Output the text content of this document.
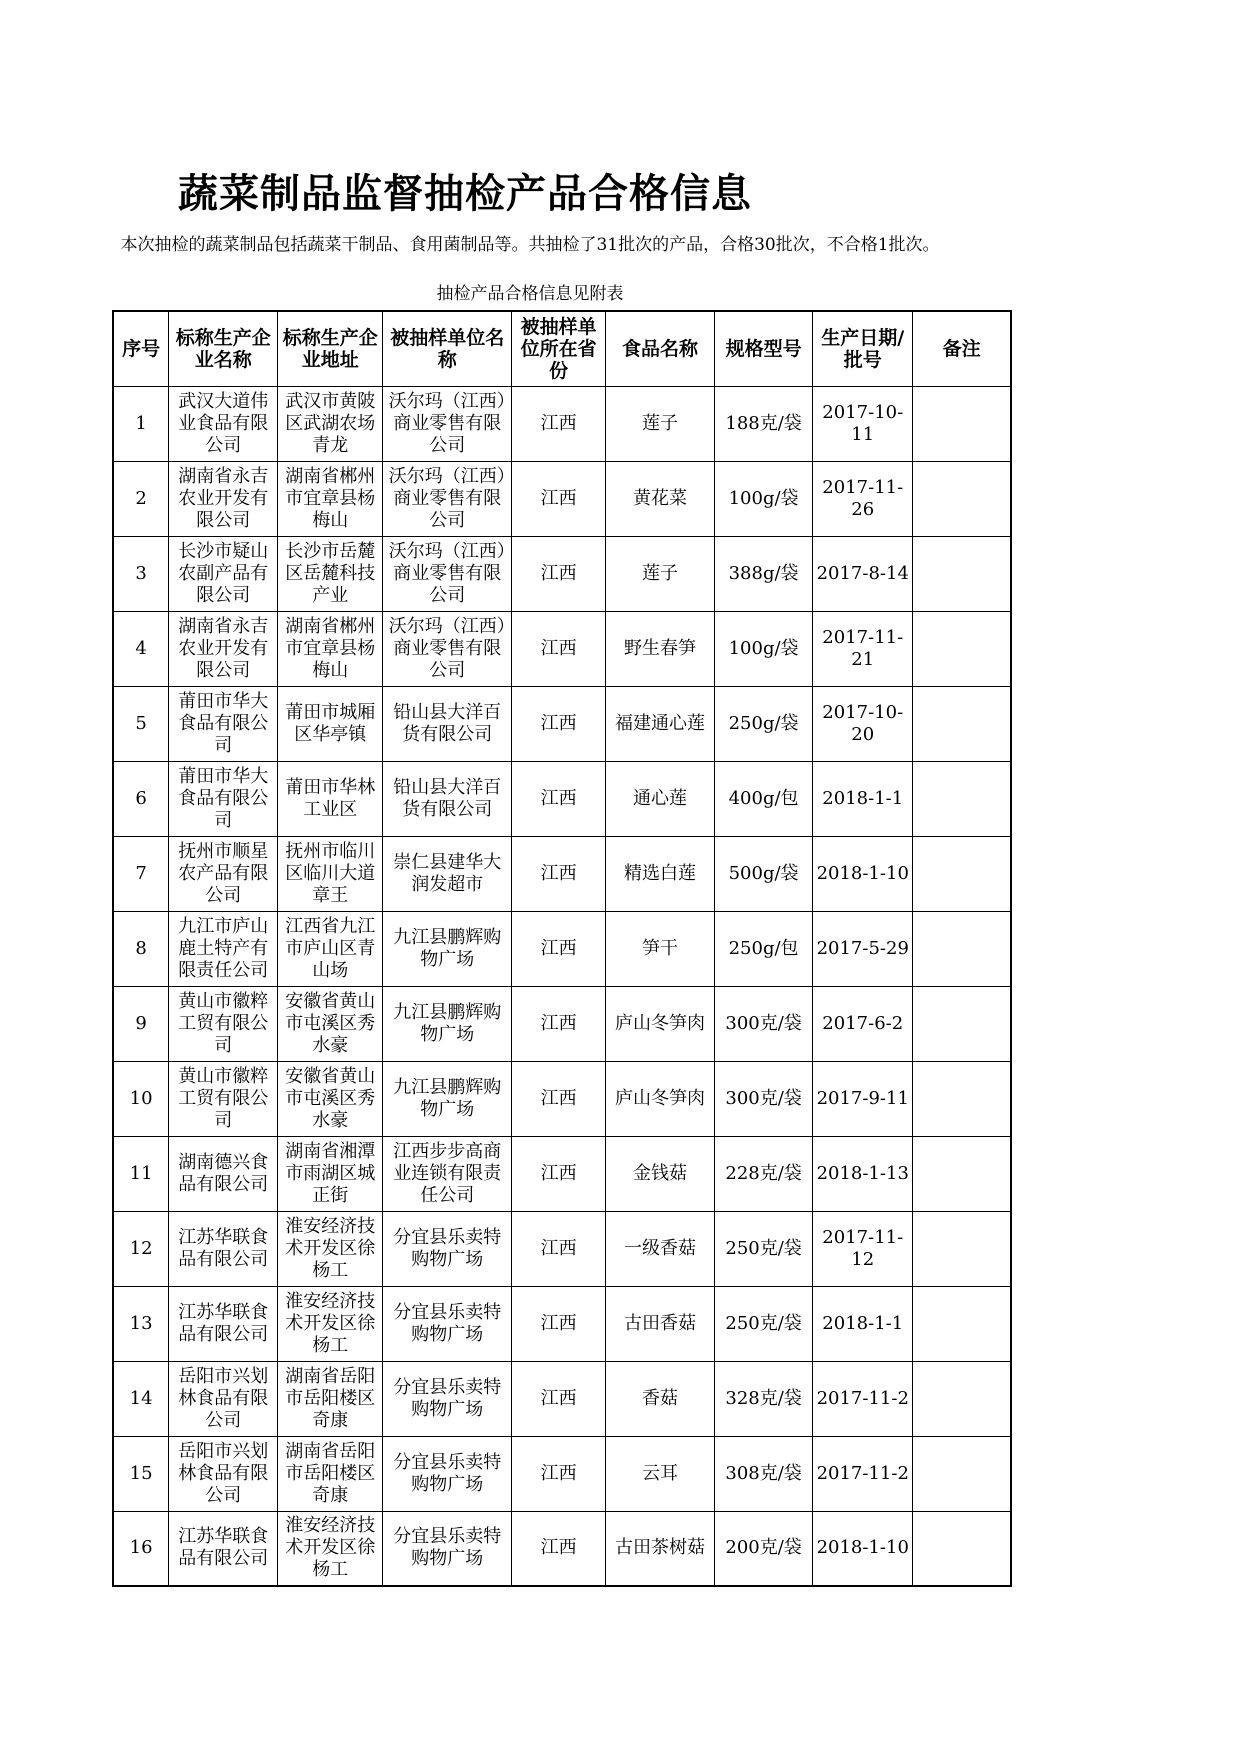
蔬菜制品监督抽检产品合格信息
本次抽检的蔬菜制品包括蔬菜干制品、食用菌制品等。共抽检了31批次的产品，合格30批次，不合格1批次。
抽检产品合格信息见附表
序号	标称生产企业名称	标称生产企业地址	被抽样单位名称	被抽样单位所在省份	食品名称	规格型号	生产日期/批号	备注

1	武汉大道伟业食品有限公司	武汉市黄陂区武湖农场青龙	沃尔玛（江西）商业零售有限公司	江西	莲子	188克/袋	2017-10-11	

2	湖南省永吉农业开发有限公司	湖南省郴州市宜章县杨梅山	沃尔玛（江西）商业零售有限公司	江西	黄花菜	100g/袋	2017-11-26	

3	长沙市疑山农副产品有限公司	长沙市岳麓区岳麓科技产业	沃尔玛（江西）商业零售有限公司	江西	莲子	388g/袋	2017-8-14	

4	湖南省永吉农业开发有限公司	湖南省郴州市宜章县杨梅山	沃尔玛（江西）商业零售有限公司	江西	野生春笋	100g/袋	2017-11-21	

5	莆田市华大食品有限公司	莆田市城厢区华亭镇	铅山县大洋百货有限公司	江西	福建通心莲	250g/袋	2017-10-20	

6	莆田市华大食品有限公司	莆田市华林工业区	铅山县大洋百货有限公司	江西	通心莲	400g/包	2018-1-1	

7	抚州市顺星农产品有限公司	抚州市临川区临川大道章王	崇仁县建华大润发超市	江西	精选白莲	500g/袋	2018-1-10	

8	九江市庐山鹿土特产有限责任公司	江西省九江市庐山区青山场	九江县鹏辉购物广场	江西	笋干	250g/包	2017-5-29	

9	黄山市徽粹工贸有限公司	安徽省黄山市屯溪区秀水豪	九江县鹏辉购物广场	江西	庐山冬笋肉	300克/袋	2017-6-2	

10	黄山市徽粹工贸有限公司	安徽省黄山市屯溪区秀水豪	九江县鹏辉购物广场	江西	庐山冬笋肉	300克/袋	2017-9-11	

11	湖南德兴食品有限公司	湖南省湘潭市雨湖区城正街	江西步步高商业连锁有限责任公司	江西	金钱菇	228克/袋	2018-1-13	

12	江苏华联食品有限公司	淮安经济技术开发区徐杨工	分宜县乐卖特购物广场	江西	一级香菇	250克/袋	2017-11-12	

13	江苏华联食品有限公司	淮安经济技术开发区徐杨工	分宜县乐卖特购物广场	江西	古田香菇	250克/袋	2018-1-1	

14	岳阳市兴划林食品有限公司	湖南省岳阳市岳阳楼区奇康	分宜县乐卖特购物广场	江西	香菇	328克/袋	2017-11-2	

15	岳阳市兴划林食品有限公司	湖南省岳阳市岳阳楼区奇康	分宜县乐卖特购物广场	江西	云耳	308克/袋	2017-11-2	

16	江苏华联食品有限公司	淮安经济技术开发区徐杨工	分宜县乐卖特购物广场	江西	古田茶树菇	200克/袋	2018-1-10	
